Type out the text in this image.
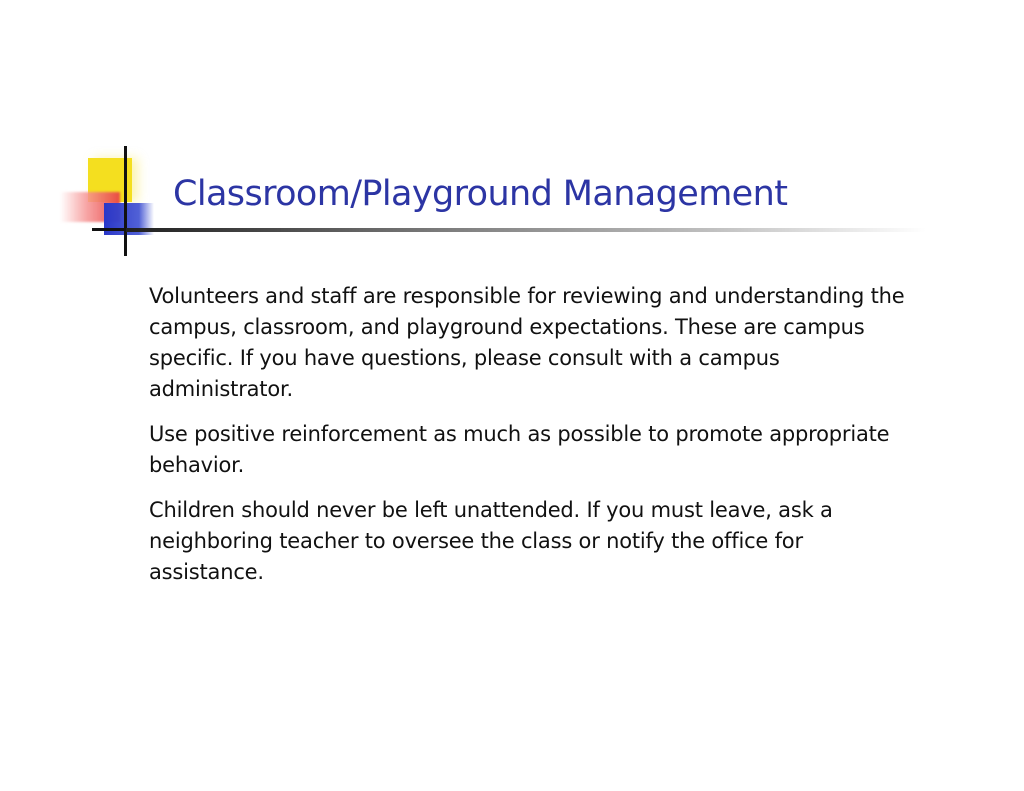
Classroom/Playground Management

Volunteers and staff are responsible for reviewing and understanding the campus, classroom, and playground expectations. These are campus specific. If you have questions, please consult with a campus administrator.

Use positive reinforcement as much as possible to promote appropriate behavior.

Children should never be left unattended. If you must leave, ask a neighboring teacher to oversee the class or notify the office for assistance.
